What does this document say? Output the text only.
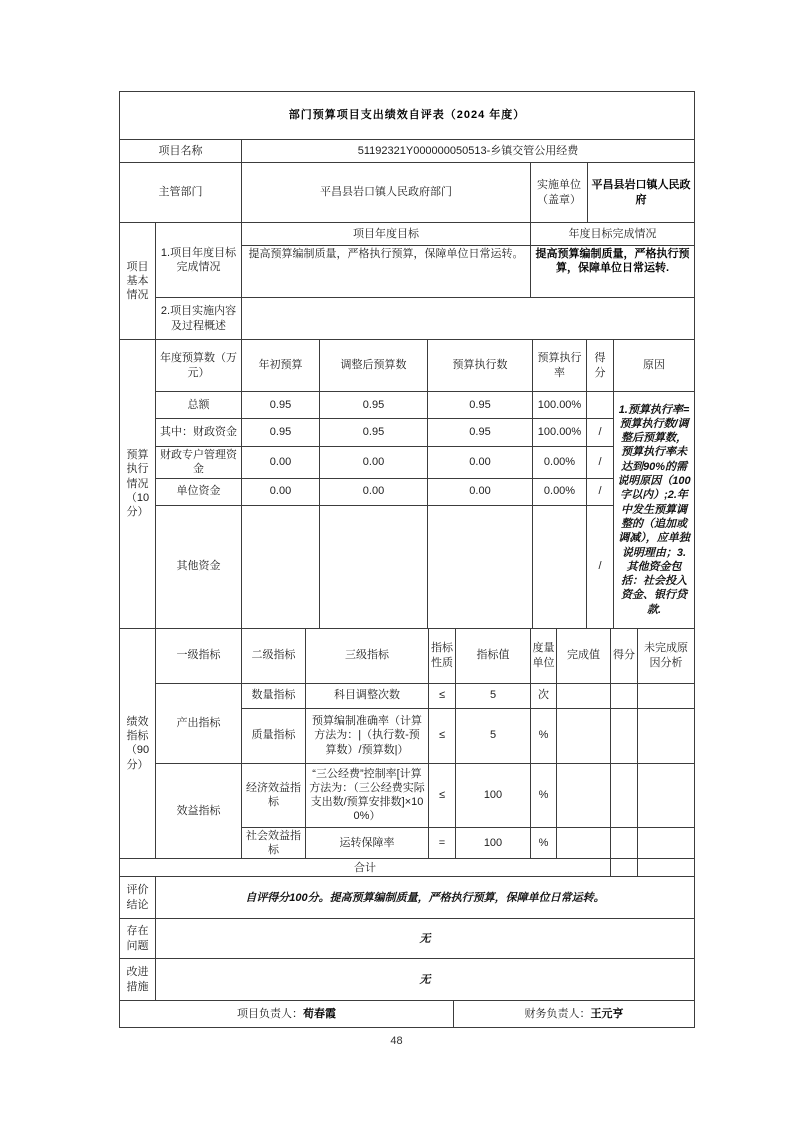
部门预算项目支出绩效自评表（2024 年度）
项目名称	51192321Y000000050513-乡镇交管公用经费		
主管部门	平昌县岩口镇人民政府部门	实施单位（盖章）	平昌县岩口镇人民政府
项目基本情况	1.项目年度目标完成情况	项目年度目标	年度目标完成情况
		提高预算编制质量，严格执行预算，保障单位日常运转。	提高预算编制质量，严格执行预算，保障单位日常运转.
	2.项目实施内容及过程概述		
预算执行情况（10分）	年度预算数（万元）	年初预算	调整后预算数	预算执行数	预算执行率	得分	原因
	总额	0.95	0.95	0.95	100.00%		1.预算执行率=预算执行数/调整后预算数，预算执行率未达到90%的需说明原因（100字以内）;2.年中发生预算调整的（追加或调减），应单独说明理由；3.其他资金包括：社会投入资金、银行贷款.
	其中：财政资金	0.95	0.95	0.95	100.00%	/	
	财政专户管理资金	0.00	0.00	0.00	0.00%	/	
	单位资金	0.00	0.00	0.00	0.00%	/	
	其他资金					/	
绩效指标（90分）	一级指标	二级指标	三级指标	指标性质	指标值	度量单位	完成值	得分	未完成原因分析
	产出指标	数量指标	科目调整次数	≤	5	次			
		质量指标	预算编制准确率（计算方法为：|（执行数-预算数）/预算数|）	≤	5	%			
	效益指标	经济效益指标	“三公经费”控制率[计算方法为：（三公经费实际支出数/预算安排数]×100%）	≤	100	%			
		社会效益指标	运转保障率	=	100	%			
合计									
评价结论	自评得分100分。提高预算编制质量，严格执行预算，保障单位日常运转。
存在问题	无
改进措施	无
项目负责人：荀春霞	财务负责人：王元亨
48
